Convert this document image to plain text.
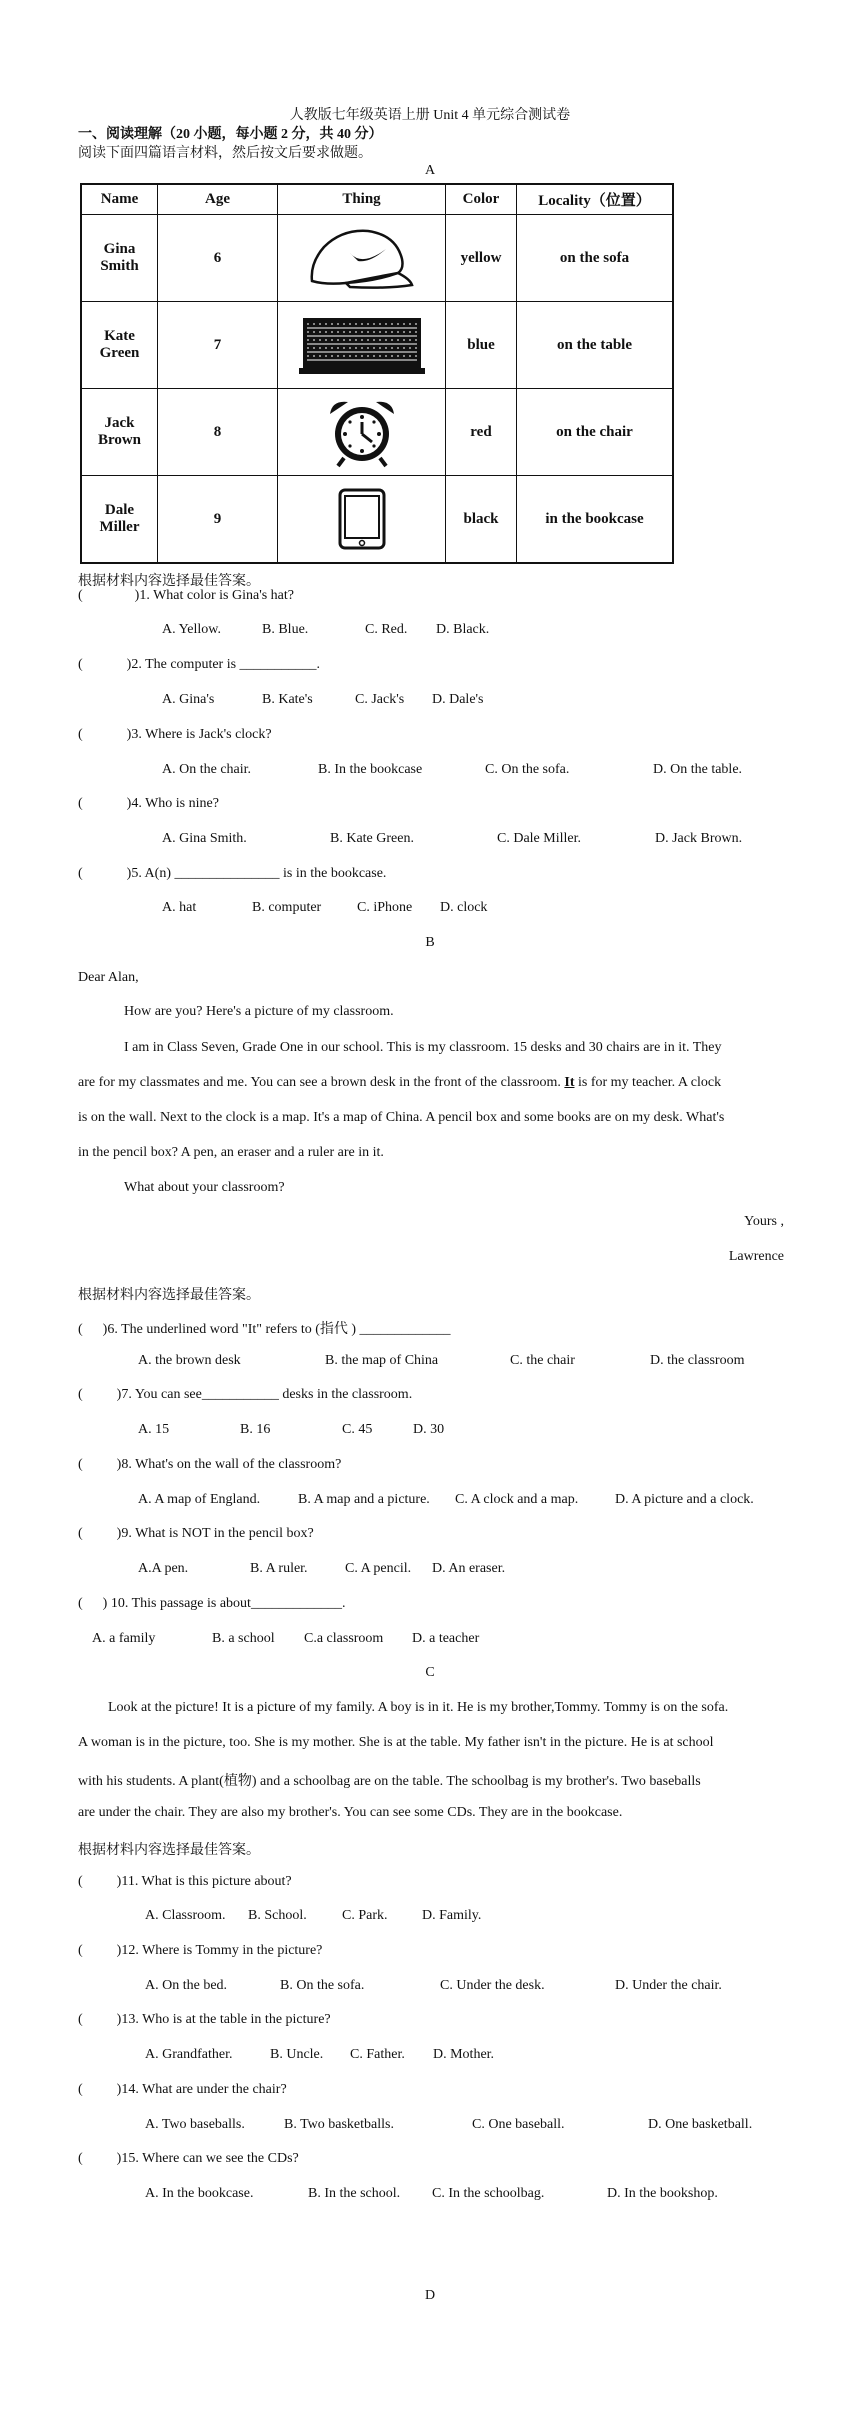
人教版七年级英语上册 Unit 4 单元综合测试卷
一、阅读理解（20 小题，每小题 2 分，共 40 分）
阅读下面四篇语言材料，然后按文后要求做题。
A
Name	Age	Thing	Color	Locality（位置）
Gina
Smith	6		yellow	on the sofa
Kate
Green	7		blue	on the table
Jack
Brown	8		red	on the chair
Dale
Miller	9		black	in the bookcase
根据材料内容选择最佳答案。
(	)1. What color is Gina's hat?
A. Yellow.	B. Blue.	C. Red. D. Black.
(	)2. The computer is ___________.
A. Gina's	B. Kate's	C. Jack's D. Dale's
(	)3. Where is Jack's clock?
A. On the chair.	B. In the bookcase	C. On the sofa.	D. On the table.
(	)4. Who is nine?
A. Gina Smith.	B. Kate Green.	C. Dale Miller.	D. Jack Brown.
(	)5. A(n) _______________ is in the bookcase.
A. hat	B. computer	C. iPhone D. clock
B
Dear Alan,
How are you? Here's a picture of my classroom.
I am in Class Seven, Grade One in our school. This is my classroom. 15 desks and 30 chairs are in it. They
are for my classmates and me. You can see a brown desk in the front of the classroom. It is for my teacher. A clock
is on the wall. Next to the clock is a map. It's a map of China. A pencil box and some books are on my desk. What's
in the pencil box? A pen, an eraser and a ruler are in it.
What about your classroom?
Yours ,
Lawrence
根据材料内容选择最佳答案。
( )6. The underlined word "It" refers to (指代 ) _____________
A. the brown desk	B. the map of China	C. the chair	D. the classroom
( )7. You can see___________ desks in the classroom.
A. 15	B. 16	C. 45	D. 30
( )8. What's on the wall of the classroom?
A. A map of England.	B. A map and a picture. C. A clock and a map.	D. A picture and a clock.
( )9. What is NOT in the pencil box?
A.A pen.	B. A ruler.	C. A pencil. D. An eraser.
( ) 10. This passage is about_____________.
A. a family	B. a school C.a classroom D. a teacher
C
Look at the picture! It is a picture of my family. A boy is in it. He is my brother,Tommy. Tommy is on the sofa.
A woman is in the picture, too. She is my mother. She is at the table. My father isn't in the picture. He is at school
with his students. A plant(植物) and a schoolbag are on the table. The schoolbag is my brother's. Two baseballs
are under the chair. They are also my brother's. You can see some CDs. They are in the bookcase.
根据材料内容选择最佳答案。
( )11. What is this picture about?
A. Classroom. B. School.	C. Park. D. Family.
( )12. Where is Tommy in the picture?
A. On the bed.	B. On the sofa.	C. Under the desk.	D. Under the chair.
( )13. Who is at the table in the picture?
A. Grandfather.	B. Uncle. C. Father. D. Mother.
( )14. What are under the chair?
A. Two baseballs.	B. Two basketballs.	C. One baseball.	D. One basketball.
( )15. Where can we see the CDs?
A. In the bookcase.	B. In the school. C. In the schoolbag.	D. In the bookshop.
D
